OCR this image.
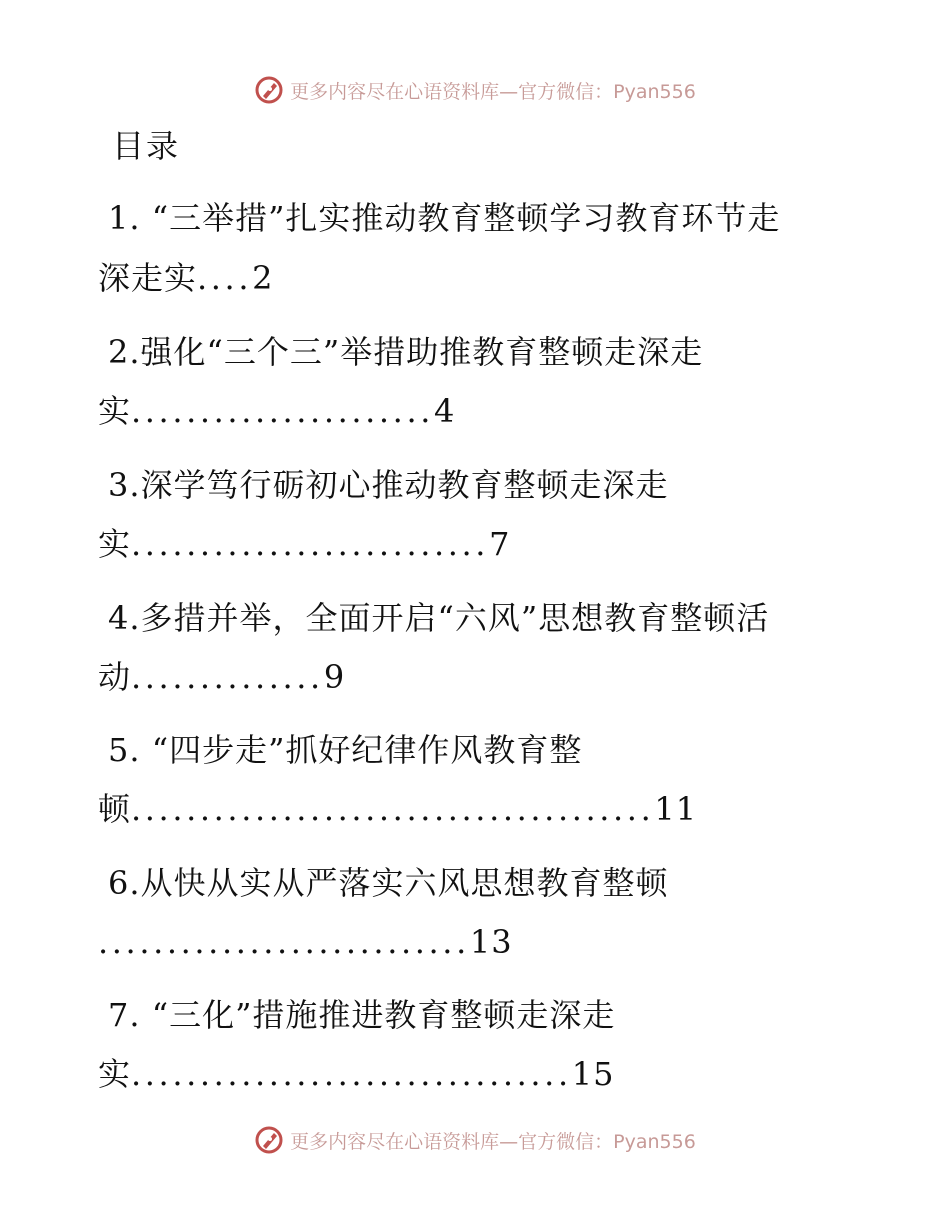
更多内容尽在心语资料库—官方微信：Pyan556
目录
1. “三举措”扎实推动教育整顿学习教育环节走
深走实....2
2.强化“三个三”举措助推教育整顿走深走
实......................4
3.深学笃行砺初心推动教育整顿走深走
实..........................7
4.多措并举，全面开启“六风”思想教育整顿活
动..............9
5. “四步走”抓好纪律作风教育整
顿......................................11
6.从快从实从严落实六风思想教育整顿
...........................13
7. “三化”措施推进教育整顿走深走
实................................15
更多内容尽在心语资料库—官方微信：Pyan556
